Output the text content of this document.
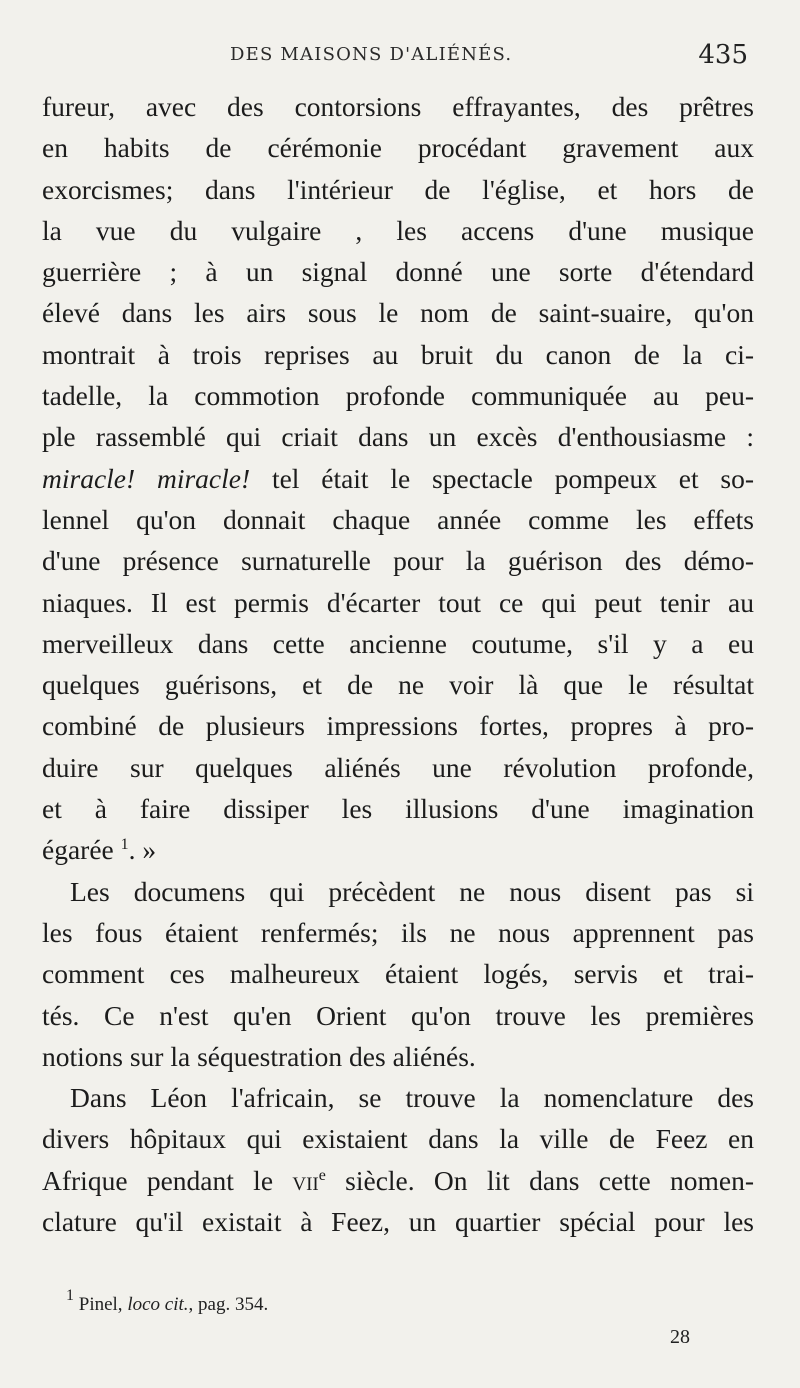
DES MAISONS D'ALIÉNÉS.	435
fureur, avec des contorsions effrayantes, des prêtres
en habits de cérémonie procédant gravement aux
exorcismes; dans l'intérieur de l'église, et hors de
la vue du vulgaire , les accens d'une musique
guerrière ; à un signal donné une sorte d'étendard
élevé dans les airs sous le nom de saint-suaire, qu'on
montrait à trois reprises au bruit du canon de la ci-
tadelle, la commotion profonde communiquée au peu-
ple rassemblé qui criait dans un excès d'enthousiasme :
miracle! miracle! tel était le spectacle pompeux et so-
lennel qu'on donnait chaque année comme les effets
d'une présence surnaturelle pour la guérison des démo-
niaques. Il est permis d'écarter tout ce qui peut tenir au
merveilleux dans cette ancienne coutume, s'il y a eu
quelques guérisons, et de ne voir là que le résultat
combiné de plusieurs impressions fortes, propres à pro-
duire sur quelques aliénés une révolution profonde,
et à faire dissiper les illusions d'une imagination
égarée $^1$. »
Les documens qui précèdent ne nous disent pas si
les fous étaient renfermés; ils ne nous apprennent pas
comment ces malheureux étaient logés, servis et trai-
tés. Ce n'est qu'en Orient qu'on trouve les premières
notions sur la séquestration des aliénés.
Dans Léon l'africain, se trouve la nomenclature des
divers hôpitaux qui existaient dans la ville de Feez en
Afrique pendant le vii$^e$ siècle. On lit dans cette nomen-
clature qu'il existait à Feez, un quartier spécial pour les
$^1$ Pinel, loco cit., pag. 354.
28
